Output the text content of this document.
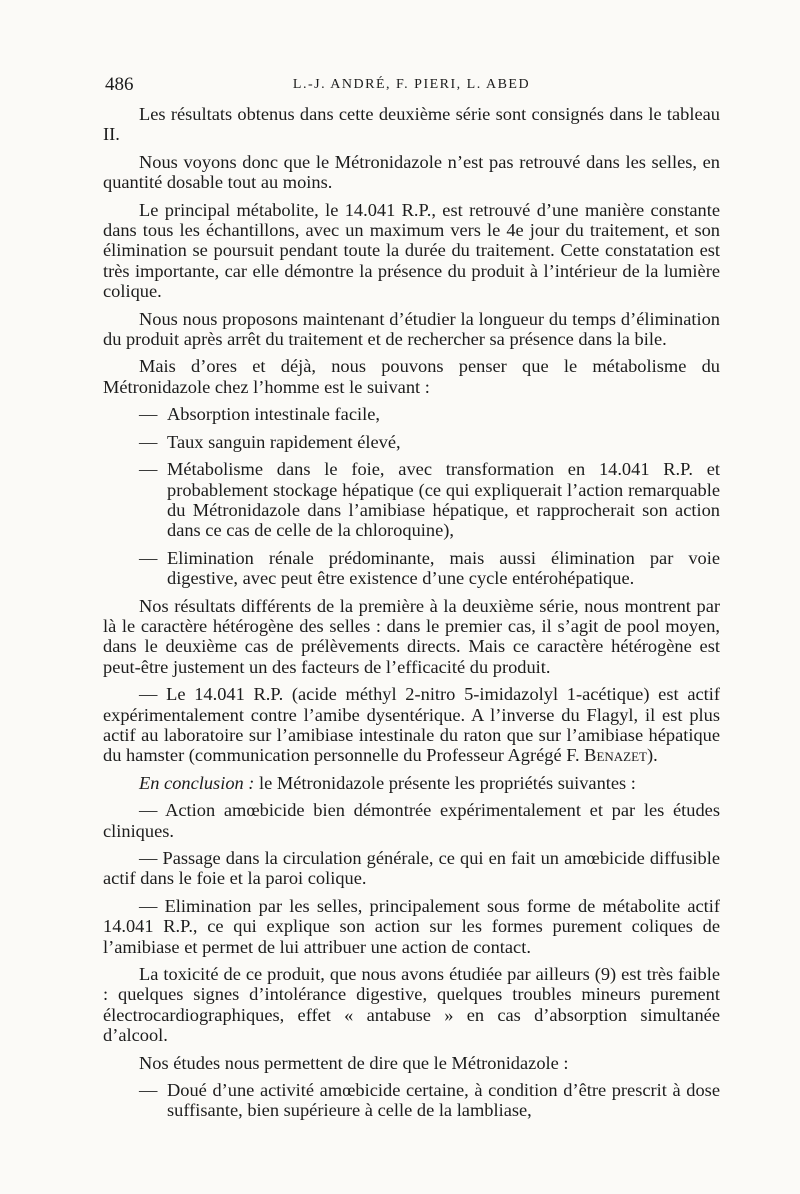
486	L.-J. ANDRÉ, F. PIERI, L. ABED

Les résultats obtenus dans cette deuxième série sont consignés dans le tableau II.

Nous voyons donc que le Métronidazole n’est pas retrouvé dans les selles, en quantité dosable tout au moins.

Le principal métabolite, le 14.041 R.P., est retrouvé d’une manière constante dans tous les échantillons, avec un maximum vers le 4e jour du traitement, et son élimination se poursuit pendant toute la durée du traitement. Cette constatation est très importante, car elle démontre la présence du produit à l’intérieur de la lumière colique.

Nous nous proposons maintenant d’étudier la longueur du temps d’élimination du produit après arrêt du traitement et de rechercher sa présence dans la bile.

Mais d’ores et déjà, nous pouvons penser que le métabolisme du Métronidazole chez l’homme est le suivant :

— Absorption intestinale facile,
— Taux sanguin rapidement élevé,
— Métabolisme dans le foie, avec transformation en 14.041 R.P. et probablement stockage hépatique (ce qui expliquerait l’action remarquable du Métronidazole dans l’amibiase hépatique, et rapprocherait son action dans ce cas de celle de la chloroquine),
— Elimination rénale prédominante, mais aussi élimination par voie digestive, avec peut être existence d’une cycle entérohépatique.

Nos résultats différents de la première à la deuxième série, nous montrent par là le caractère hétérogène des selles : dans le premier cas, il s’agit de pool moyen, dans le deuxième cas de prélèvements directs. Mais ce caractère hétérogène est peut-être justement un des facteurs de l’efficacité du produit.

— Le 14.041 R.P. (acide méthyl 2-nitro 5-imidazolyl 1-acétique) est actif expérimentalement contre l’amibe dysentérique. A l’inverse du Flagyl, il est plus actif au laboratoire sur l’amibiase intestinale du raton que sur l’amibiase hépatique du hamster (communication personnelle du Professeur Agrégé F. Benazet).

En conclusion : le Métronidazole présente les propriétés suivantes :

— Action amœbicide bien démontrée expérimentalement et par les études cliniques.

— Passage dans la circulation générale, ce qui en fait un amœbicide diffusible actif dans le foie et la paroi colique.

— Elimination par les selles, principalement sous forme de métabolite actif 14.041 R.P., ce qui explique son action sur les formes purement coliques de l’amibiase et permet de lui attribuer une action de contact.

La toxicité de ce produit, que nous avons étudiée par ailleurs (9) est très faible : quelques signes d’intolérance digestive, quelques troubles mineurs purement électrocardiographiques, effet « antabuse » en cas d’absorption simultanée d’alcool.

Nos études nous permettent de dire que le Métronidazole :

— Doué d’une activité amœbicide certaine, à condition d’être prescrit à dose suffisante, bien supérieure à celle de la lambliase,
